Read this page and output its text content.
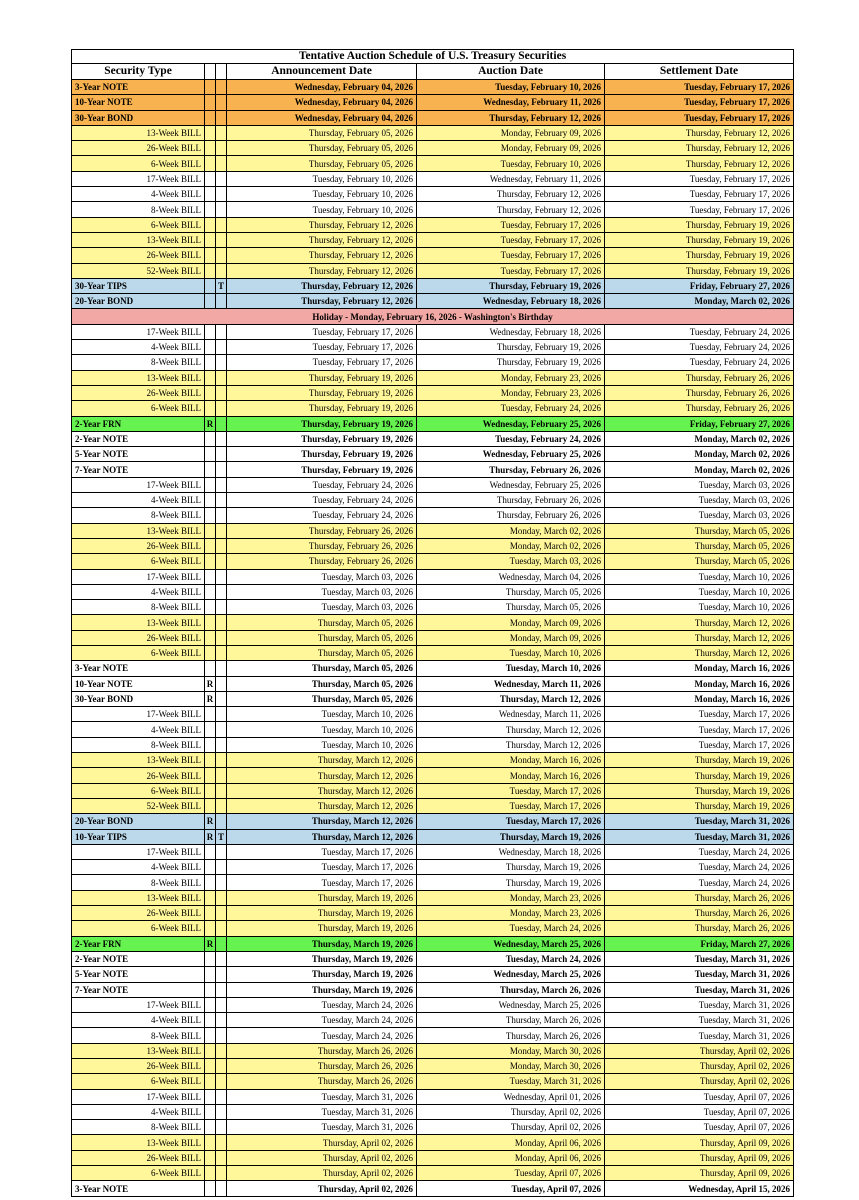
Tentative Auction Schedule of U.S. Treasury Securities					
Security Type			Announcement Date	Auction Date	Settlement Date
3-Year NOTE			Wednesday, February 04, 2026	Tuesday, February 10, 2026	Tuesday, February 17, 2026
10-Year NOTE			Wednesday, February 04, 2026	Wednesday, February 11, 2026	Tuesday, February 17, 2026
30-Year BOND			Wednesday, February 04, 2026	Thursday, February 12, 2026	Tuesday, February 17, 2026
13-Week BILL			Thursday, February 05, 2026	Monday, February 09, 2026	Thursday, February 12, 2026
26-Week BILL			Thursday, February 05, 2026	Monday, February 09, 2026	Thursday, February 12, 2026
6-Week BILL			Thursday, February 05, 2026	Tuesday, February 10, 2026	Thursday, February 12, 2026
17-Week BILL			Tuesday, February 10, 2026	Wednesday, February 11, 2026	Tuesday, February 17, 2026
4-Week BILL			Tuesday, February 10, 2026	Thursday, February 12, 2026	Tuesday, February 17, 2026
8-Week BILL			Tuesday, February 10, 2026	Thursday, February 12, 2026	Tuesday, February 17, 2026
6-Week BILL			Thursday, February 12, 2026	Tuesday, February 17, 2026	Thursday, February 19, 2026
13-Week BILL			Thursday, February 12, 2026	Tuesday, February 17, 2026	Thursday, February 19, 2026
26-Week BILL			Thursday, February 12, 2026	Tuesday, February 17, 2026	Thursday, February 19, 2026
52-Week BILL			Thursday, February 12, 2026	Tuesday, February 17, 2026	Thursday, February 19, 2026
30-Year TIPS		T	Thursday, February 12, 2026	Thursday, February 19, 2026	Friday, February 27, 2026
20-Year BOND			Thursday, February 12, 2026	Wednesday, February 18, 2026	Monday, March 02, 2026
Holiday - Monday, February 16, 2026 - Washington's Birthday					
17-Week BILL			Tuesday, February 17, 2026	Wednesday, February 18, 2026	Tuesday, February 24, 2026
4-Week BILL			Tuesday, February 17, 2026	Thursday, February 19, 2026	Tuesday, February 24, 2026
8-Week BILL			Tuesday, February 17, 2026	Thursday, February 19, 2026	Tuesday, February 24, 2026
13-Week BILL			Thursday, February 19, 2026	Monday, February 23, 2026	Thursday, February 26, 2026
26-Week BILL			Thursday, February 19, 2026	Monday, February 23, 2026	Thursday, February 26, 2026
6-Week BILL			Thursday, February 19, 2026	Tuesday, February 24, 2026	Thursday, February 26, 2026
2-Year FRN	R		Thursday, February 19, 2026	Wednesday, February 25, 2026	Friday, February 27, 2026
2-Year NOTE			Thursday, February 19, 2026	Tuesday, February 24, 2026	Monday, March 02, 2026
5-Year NOTE			Thursday, February 19, 2026	Wednesday, February 25, 2026	Monday, March 02, 2026
7-Year NOTE			Thursday, February 19, 2026	Thursday, February 26, 2026	Monday, March 02, 2026
17-Week BILL			Tuesday, February 24, 2026	Wednesday, February 25, 2026	Tuesday, March 03, 2026
4-Week BILL			Tuesday, February 24, 2026	Thursday, February 26, 2026	Tuesday, March 03, 2026
8-Week BILL			Tuesday, February 24, 2026	Thursday, February 26, 2026	Tuesday, March 03, 2026
13-Week BILL			Thursday, February 26, 2026	Monday, March 02, 2026	Thursday, March 05, 2026
26-Week BILL			Thursday, February 26, 2026	Monday, March 02, 2026	Thursday, March 05, 2026
6-Week BILL			Thursday, February 26, 2026	Tuesday, March 03, 2026	Thursday, March 05, 2026
17-Week BILL			Tuesday, March 03, 2026	Wednesday, March 04, 2026	Tuesday, March 10, 2026
4-Week BILL			Tuesday, March 03, 2026	Thursday, March 05, 2026	Tuesday, March 10, 2026
8-Week BILL			Tuesday, March 03, 2026	Thursday, March 05, 2026	Tuesday, March 10, 2026
13-Week BILL			Thursday, March 05, 2026	Monday, March 09, 2026	Thursday, March 12, 2026
26-Week BILL			Thursday, March 05, 2026	Monday, March 09, 2026	Thursday, March 12, 2026
6-Week BILL			Thursday, March 05, 2026	Tuesday, March 10, 2026	Thursday, March 12, 2026
3-Year NOTE			Thursday, March 05, 2026	Tuesday, March 10, 2026	Monday, March 16, 2026
10-Year NOTE	R		Thursday, March 05, 2026	Wednesday, March 11, 2026	Monday, March 16, 2026
30-Year BOND	R		Thursday, March 05, 2026	Thursday, March 12, 2026	Monday, March 16, 2026
17-Week BILL			Tuesday, March 10, 2026	Wednesday, March 11, 2026	Tuesday, March 17, 2026
4-Week BILL			Tuesday, March 10, 2026	Thursday, March 12, 2026	Tuesday, March 17, 2026
8-Week BILL			Tuesday, March 10, 2026	Thursday, March 12, 2026	Tuesday, March 17, 2026
13-Week BILL			Thursday, March 12, 2026	Monday, March 16, 2026	Thursday, March 19, 2026
26-Week BILL			Thursday, March 12, 2026	Monday, March 16, 2026	Thursday, March 19, 2026
6-Week BILL			Thursday, March 12, 2026	Tuesday, March 17, 2026	Thursday, March 19, 2026
52-Week BILL			Thursday, March 12, 2026	Tuesday, March 17, 2026	Thursday, March 19, 2026
20-Year BOND	R		Thursday, March 12, 2026	Tuesday, March 17, 2026	Tuesday, March 31, 2026
10-Year TIPS	R	T	Thursday, March 12, 2026	Thursday, March 19, 2026	Tuesday, March 31, 2026
17-Week BILL			Tuesday, March 17, 2026	Wednesday, March 18, 2026	Tuesday, March 24, 2026
4-Week BILL			Tuesday, March 17, 2026	Thursday, March 19, 2026	Tuesday, March 24, 2026
8-Week BILL			Tuesday, March 17, 2026	Thursday, March 19, 2026	Tuesday, March 24, 2026
13-Week BILL			Thursday, March 19, 2026	Monday, March 23, 2026	Thursday, March 26, 2026
26-Week BILL			Thursday, March 19, 2026	Monday, March 23, 2026	Thursday, March 26, 2026
6-Week BILL			Thursday, March 19, 2026	Tuesday, March 24, 2026	Thursday, March 26, 2026
2-Year FRN	R		Thursday, March 19, 2026	Wednesday, March 25, 2026	Friday, March 27, 2026
2-Year NOTE			Thursday, March 19, 2026	Tuesday, March 24, 2026	Tuesday, March 31, 2026
5-Year NOTE			Thursday, March 19, 2026	Wednesday, March 25, 2026	Tuesday, March 31, 2026
7-Year NOTE			Thursday, March 19, 2026	Thursday, March 26, 2026	Tuesday, March 31, 2026
17-Week BILL			Tuesday, March 24, 2026	Wednesday, March 25, 2026	Tuesday, March 31, 2026
4-Week BILL			Tuesday, March 24, 2026	Thursday, March 26, 2026	Tuesday, March 31, 2026
8-Week BILL			Tuesday, March 24, 2026	Thursday, March 26, 2026	Tuesday, March 31, 2026
13-Week BILL			Thursday, March 26, 2026	Monday, March 30, 2026	Thursday, April 02, 2026
26-Week BILL			Thursday, March 26, 2026	Monday, March 30, 2026	Thursday, April 02, 2026
6-Week BILL			Thursday, March 26, 2026	Tuesday, March 31, 2026	Thursday, April 02, 2026
17-Week BILL			Tuesday, March 31, 2026	Wednesday, April 01, 2026	Tuesday, April 07, 2026
4-Week BILL			Tuesday, March 31, 2026	Thursday, April 02, 2026	Tuesday, April 07, 2026
8-Week BILL			Tuesday, March 31, 2026	Thursday, April 02, 2026	Tuesday, April 07, 2026
13-Week BILL			Thursday, April 02, 2026	Monday, April 06, 2026	Thursday, April 09, 2026
26-Week BILL			Thursday, April 02, 2026	Monday, April 06, 2026	Thursday, April 09, 2026
6-Week BILL			Thursday, April 02, 2026	Tuesday, April 07, 2026	Thursday, April 09, 2026
3-Year NOTE			Thursday, April 02, 2026	Tuesday, April 07, 2026	Wednesday, April 15, 2026
